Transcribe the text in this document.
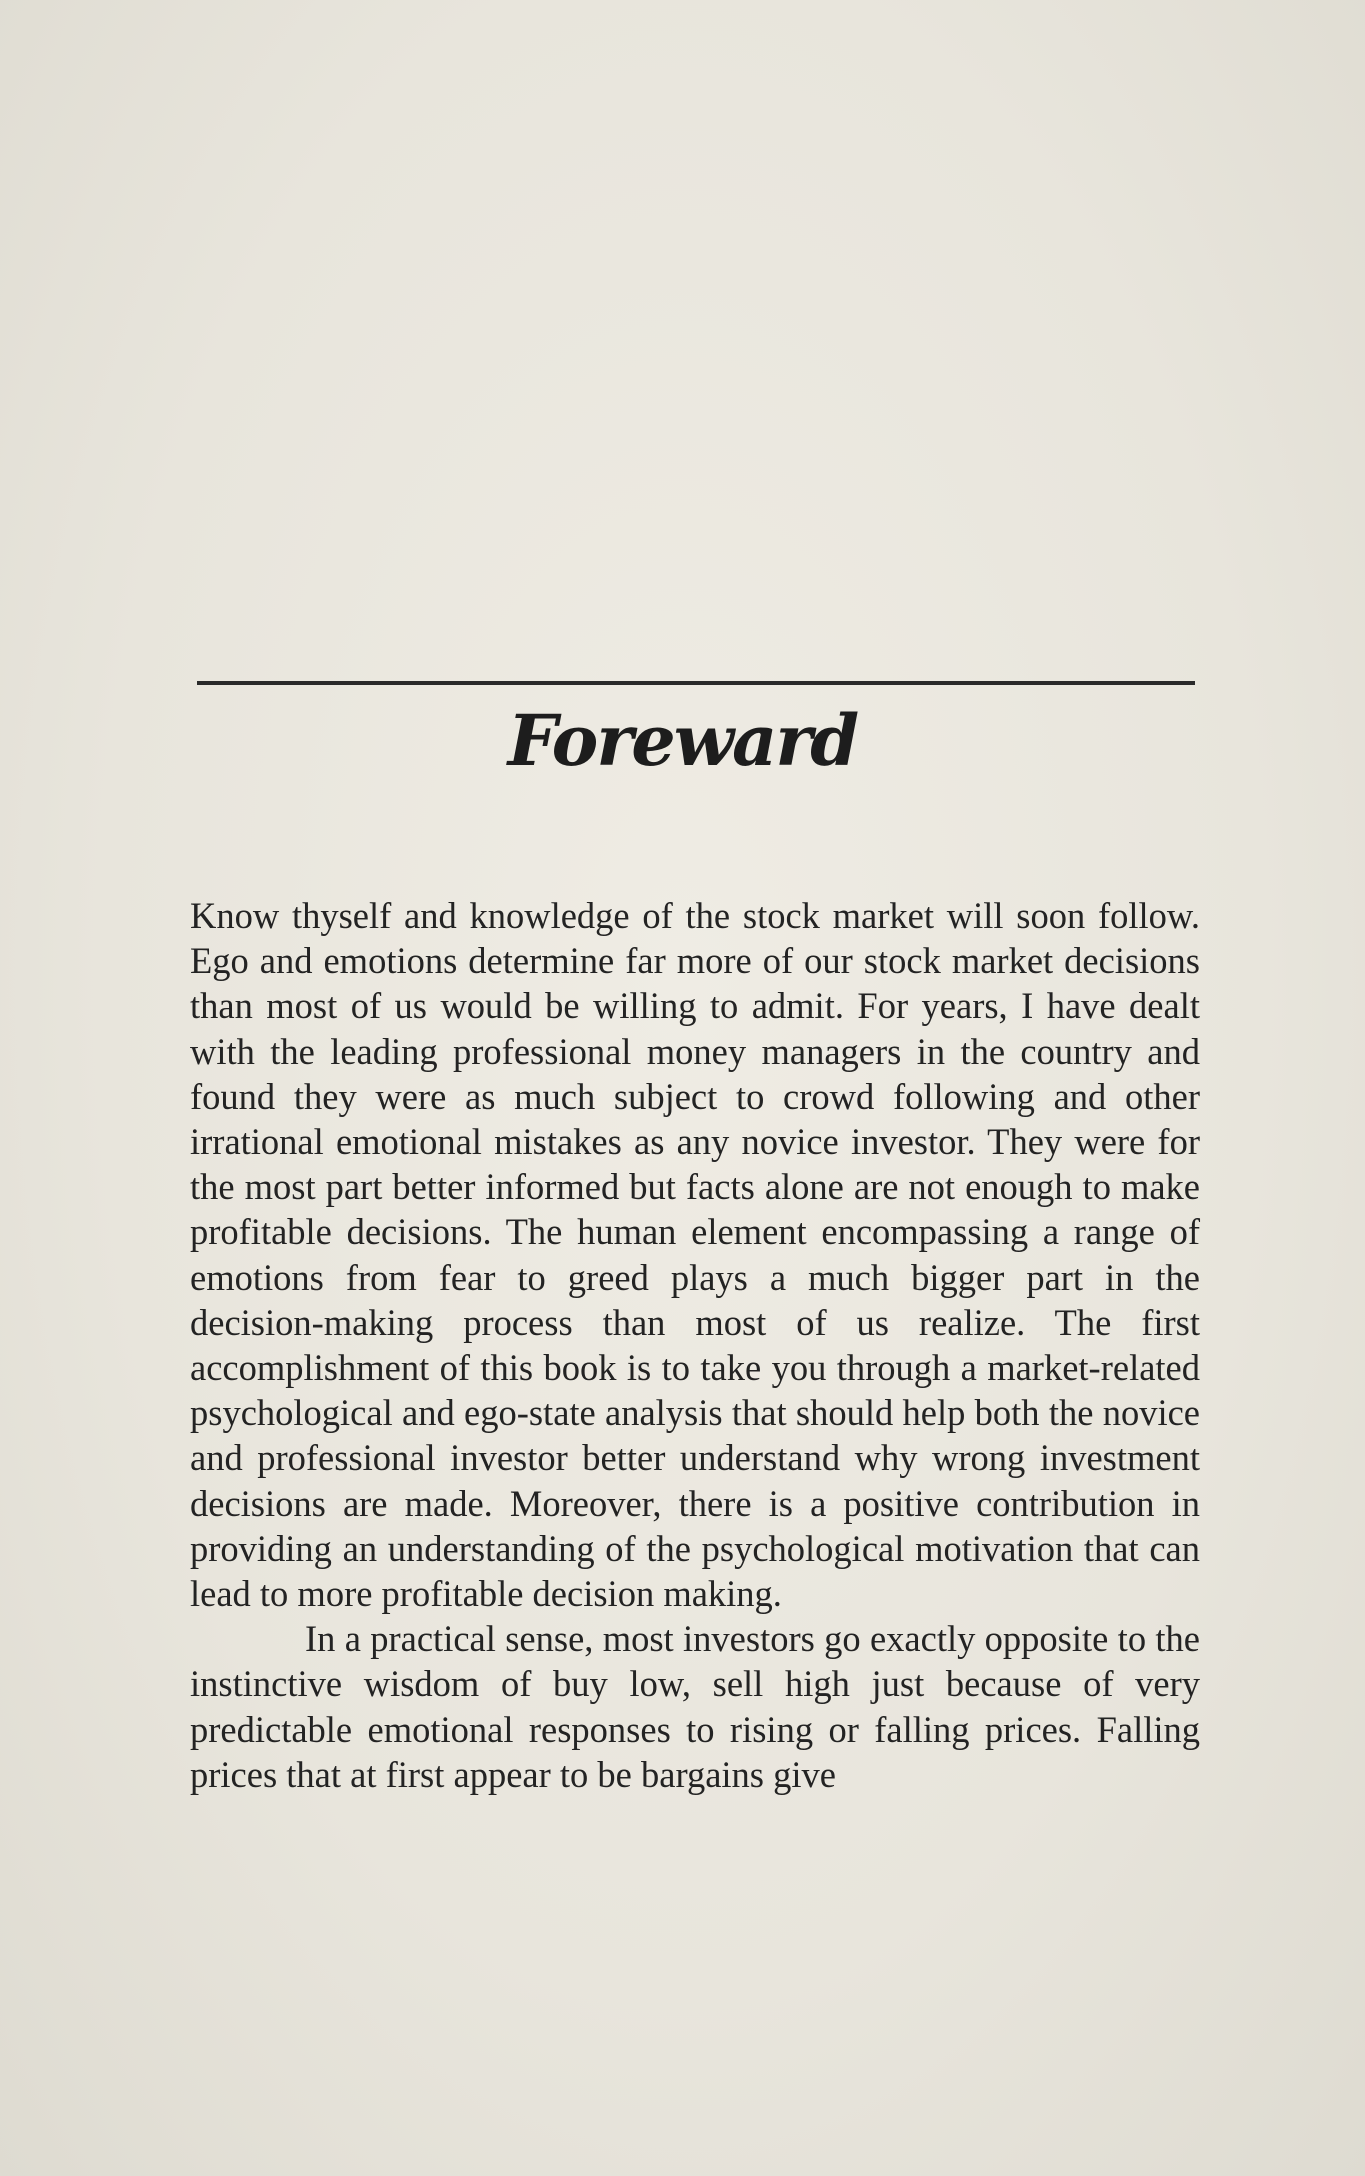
Foreward

Know thyself and knowledge of the stock market will soon follow. Ego and emotions determine far more of our stock market decisions than most of us would be willing to admit. For years, I have dealt with the leading professional money managers in the country and found they were as much subject to crowd following and other irrational emotional mistakes as any novice investor. They were for the most part better informed but facts alone are not enough to make profitable decisions. The human element encompassing a range of emotions from fear to greed plays a much bigger part in the decision-making process than most of us realize. The first accomplishment of this book is to take you through a market-related psychological and ego-state analysis that should help both the novice and professional investor better understand why wrong investment decisions are made. Moreover, there is a positive contribution in providing an understanding of the psychological motivation that can lead to more profitable decision making.

In a practical sense, most investors go exactly opposite to the instinctive wisdom of buy low, sell high just because of very predictable emotional responses to rising or falling prices. Falling prices that at first appear to be bargains give
